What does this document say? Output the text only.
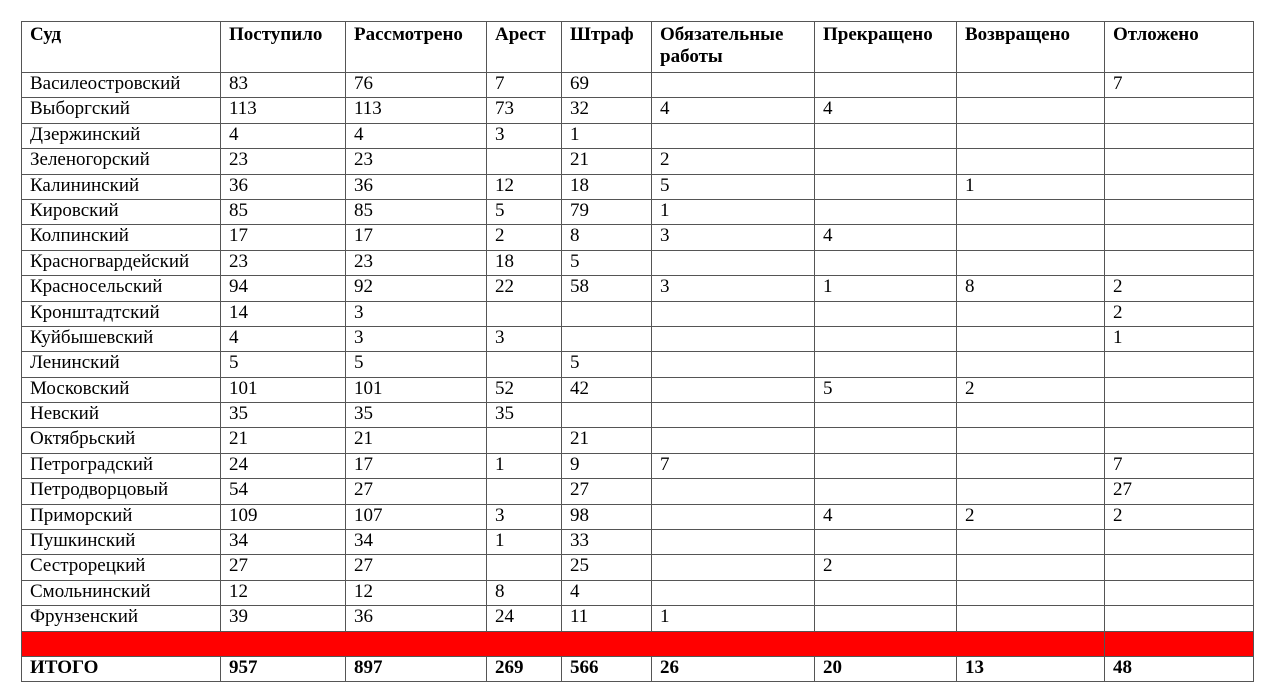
Суд	Поступило	Рассмотрено	Арест	Штраф	Обязательные работы	Прекращено	Возвращено	Отложено
Василеостровский	83	76	7	69				7
Выборгский	113	113	73	32	4	4		
Дзержинский	4	4	3	1				
Зеленогорский	23	23		21	2			
Калининский	36	36	12	18	5		1	
Кировский	85	85	5	79	1			
Колпинский	17	17	2	8	3	4		
Красногвардейский	23	23	18	5				
Красносельский	94	92	22	58	3	1	8	2
Кронштадтский	14	3						2
Куйбышевский	4	3	3					1
Ленинский	5	5		5				
Московский	101	101	52	42		5	2	
Невский	35	35	35					
Октябрьский	21	21		21				
Петроградский	24	17	1	9	7			7
Петродворцовый	54	27		27				27
Приморский	109	107	3	98		4	2	2
Пушкинский	34	34	1	33				
Сестрорецкий	27	27		25		2		
Смольнинский	12	12	8	4				
Фрунзенский	39	36	24	11	1			

ИТОГО	957	897	269	566	26	20	13	48
